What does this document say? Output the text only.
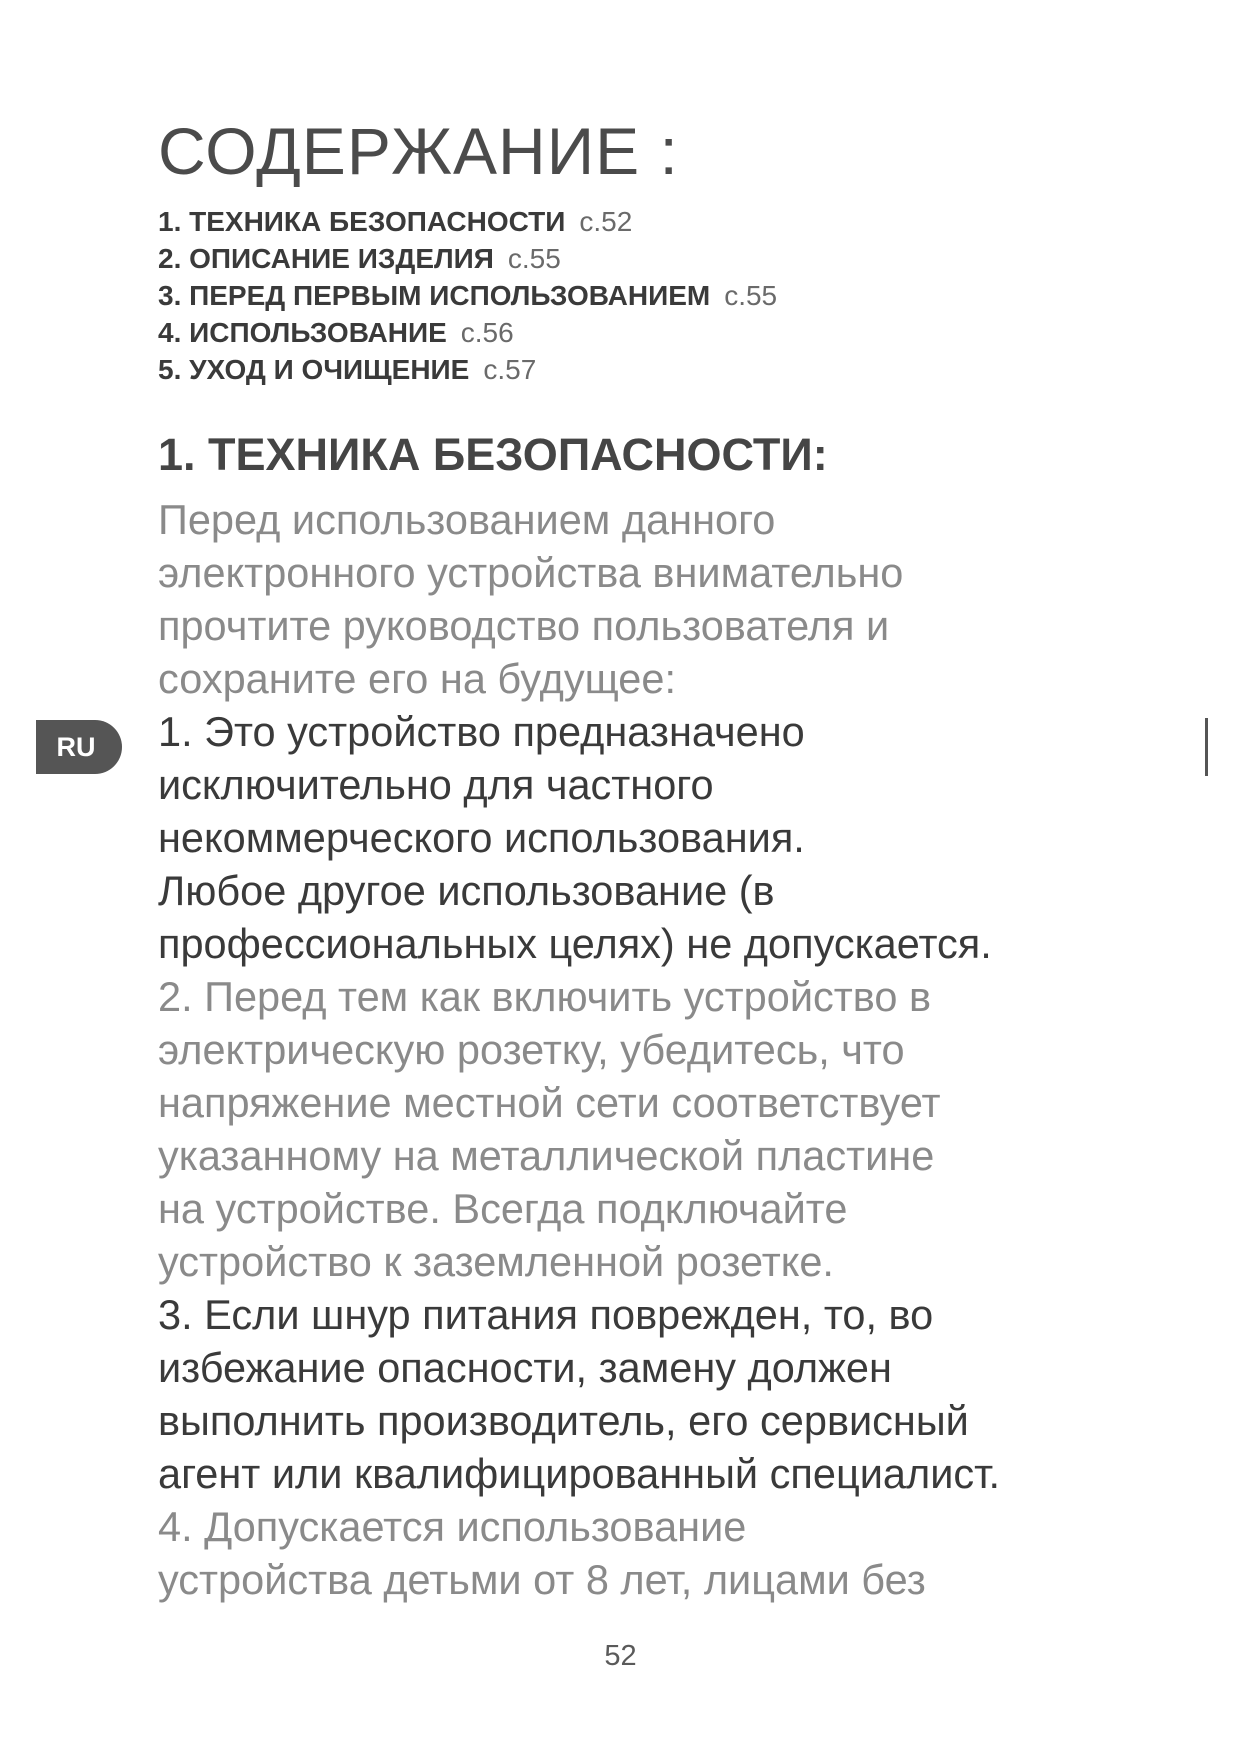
СОДЕРЖАНИЕ :
1. ТЕХНИКА БЕЗОПАСНОСТИ с.52
2. ОПИСАНИЕ ИЗДЕЛИЯ с.55
3. ПЕРЕД ПЕРВЫМ ИСПОЛЬЗОВАНИЕМ с.55
4. ИСПОЛЬЗОВАНИЕ с.56
5. УХОД И ОЧИЩЕНИЕ с.57
1. ТЕХНИКА БЕЗОПАСНОСТИ:
Перед использованием данного
электронного устройства внимательно
прочтите руководство пользователя и
сохраните его на будущее:
1. Это устройство предназначено
исключительно для частного
некоммерческого использования.
Любое другое использование (в
профессиональных целях) не допускается.
2. Перед тем как включить устройство в
электрическую розетку, убедитесь, что
напряжение местной сети соответствует
указанному на металлической пластине
на устройстве. Всегда подключайте
устройство к заземленной розетке.
3. Если шнур питания поврежден, то, во
избежание опасности, замену должен
выполнить производитель, его сервисный
агент или квалифицированный специалист.
4. Допускается использование
устройства детьми от 8 лет, лицами без
RU
52
